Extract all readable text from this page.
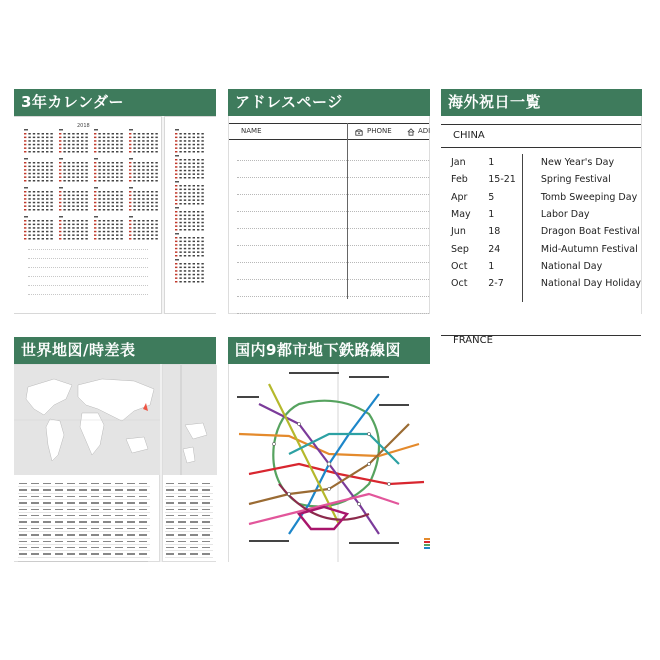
3年カレンダー
2018
アドレスページ
NAME	PHONE	ADI
海外祝日一覧
CHINA
Jan	1	New Year's Day
Feb	15-21	Spring Festival
Apr	5	Tomb Sweeping Day
May	1	Labor Day
Jun	18	Dragon Boat Festival
Sep	24	Mid-Autumn Festival
Oct	1	National Day
Oct	2-7	National Day Holiday
FRANCE
世界地図/時差表

		国内9都市地下鉄路線図
